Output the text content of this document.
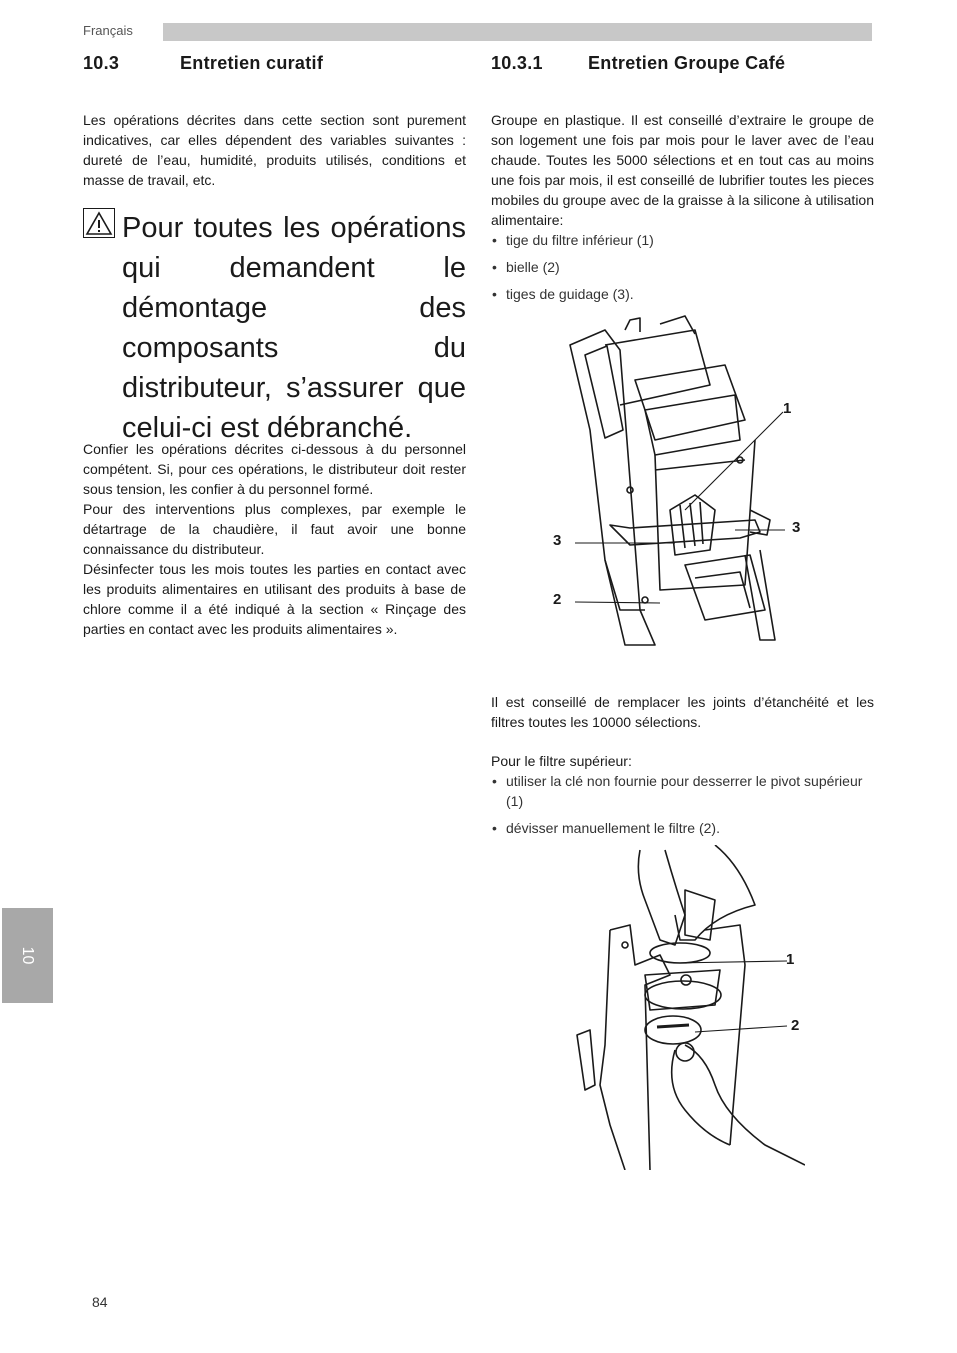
Français
10.3	Entretien curatif

Les opérations décrites dans cette section sont purement indicatives, car elles dépendent des variables suivantes : dureté de l’eau, humidité, produits utilisés, conditions et masse de travail, etc.

Pour toutes les opérations qui demandent le démontage des composants du distributeur, s’assurer que celui-ci est débranché.

Confier les opérations décrites ci-dessous à du personnel compétent. Si, pour ces opérations, le distributeur doit rester sous tension, les confier à du personnel formé.

Pour des interventions plus complexes, par exemple le détartrage de la chaudière, il faut avoir une bonne connaissance du distributeur.

Désinfecter tous les mois toutes les parties en contact avec les produits alimentaires en utilisant des produits à base de chlore comme il a été indiqué à la section « Rinçage des parties en contact avec les produits alimentaires ».

10.3.1	Entretien Groupe Café

Groupe en plastique. Il est conseillé d’extraire le groupe de son logement une fois par mois pour le laver avec de l’eau chaude. Toutes les 5000 sélections et en tout cas au moins une fois par mois, il est conseillé de lubrifier toutes les pieces mobiles du groupe avec de la graisse à la silicone à utilisation alimentaire:

• tige du filtre inférieur (1)
• bielle (2)
• tiges de guidage (3).
1
3
3
2

Il est conseillé de remplacer les joints d’étanchéité et les filtres toutes les 10000 sélections.

Pour le filtre supérieur:

• utiliser la clé non fournie pour desserrer le pivot supérieur (1)
• dévisser manuellement le filtre (2).
1
2
10
84
